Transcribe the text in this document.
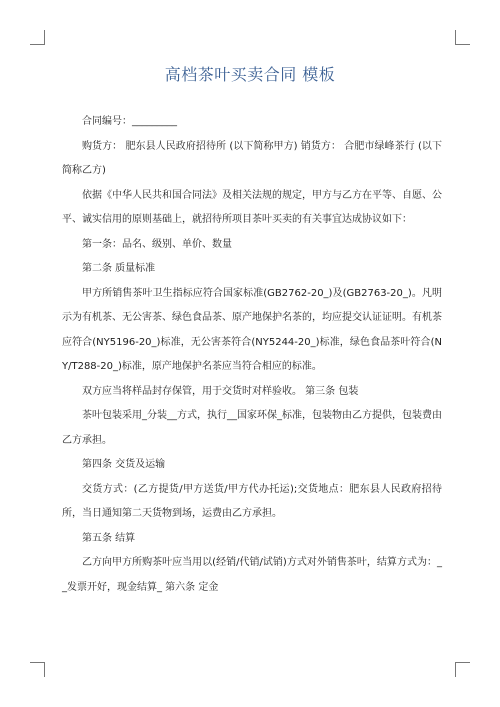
高档茶叶买卖合同 模板

合同编号：_________

购货方： 肥东县人民政府招待所 (以下简称甲方) 销货方： 合肥市绿峰茶行 (以下简称乙方)

依据《中华人民共和国合同法》及相关法规的规定，甲方与乙方在平等、自愿、公平、诚实信用的原则基础上，就招待所项目茶叶买卖的有关事宜达成协议如下：

第一条：品名、级别、单价、数量

第二条 质量标准

甲方所销售茶叶卫生指标应符合国家标准(GB2762-20_)及(GB2763-20_)。凡明示为有机茶、无公害茶、绿色食品茶、原产地保护名茶的，均应提交认证证明。有机茶应符合(NY5196-20_)标准，无公害茶符合(NY5244-20_)标准，绿色食品茶叶符合(NY/T288-20_)标准，原产地保护名茶应当符合相应的标准。

双方应当将样品封存保管，用于交货时对样验收。 第三条 包装

茶叶包装采用_分装__方式，执行__国家环保_标准，包装物由乙方提供，包装费由乙方承担。

第四条 交货及运输

交货方式：(乙方提货/甲方送货/甲方代办托运);交货地点：肥东县人民政府招待所，当日通知第二天货物到场，运费由乙方承担。

第五条 结算

乙方向甲方所购茶叶应当用以(经销/代销/试销)方式对外销售茶叶，结算方式为：__发票开好，现金结算_ 第六条 定金
